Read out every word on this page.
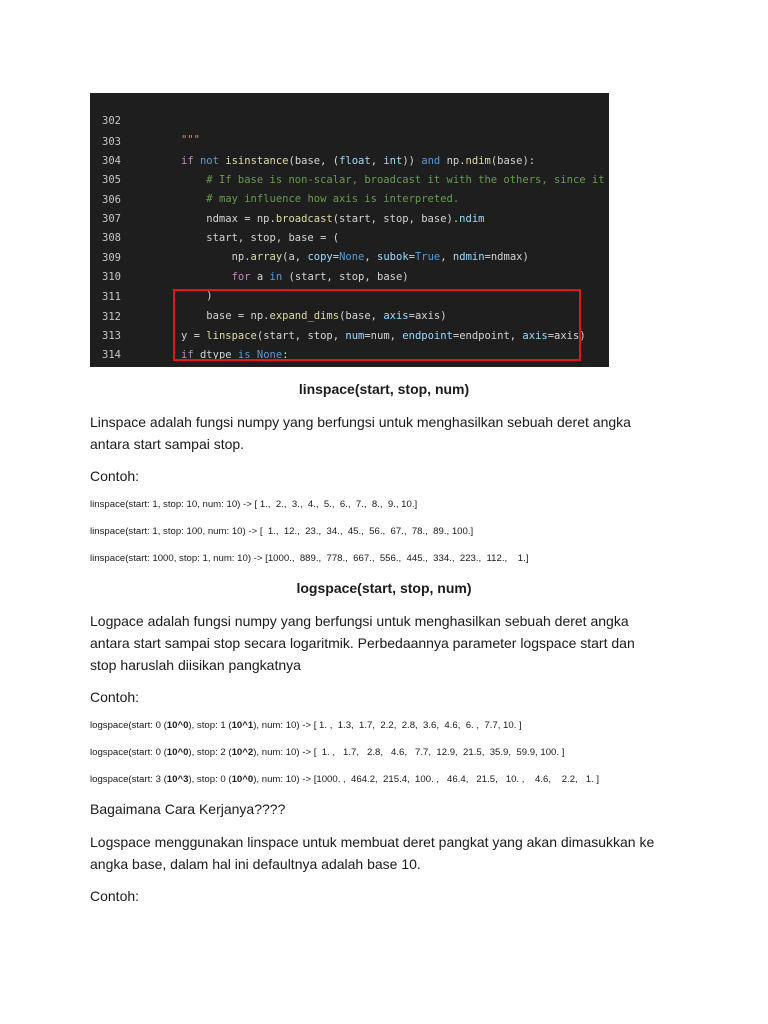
302

"""

303

if not isinstance(base, (float, int)) and np.ndim(base):

304

# If base is non-scalar, broadcast it with the others, since it

305

# may influence how axis is interpreted.

306

ndmax = np.broadcast(start, stop, base).ndim

307

start, stop, base = (

308

np.array(a, copy=None, subok=True, ndmin=ndmax)

309

for a in (start, stop, base)

310

)

311

base = np.expand_dims(base, axis=axis)

312

y = linspace(start, stop, num=num, endpoint=endpoint, axis=axis)

313

if dtype is None:

314

linspace(start, stop, num)
Linspace adalah fungsi numpy yang berfungsi untuk menghasilkan sebuah deret angka
antara start sampai stop.
Contoh:
linspace(start: 1, stop: 10, num: 10) -> [ 1.,  2.,  3.,  4.,  5.,  6.,  7.,  8.,  9., 10.]
linspace(start: 1, stop: 100, num: 10) -> [  1.,  12.,  23.,  34.,  45.,  56.,  67.,  78.,  89., 100.]
linspace(start: 1000, stop: 1, num: 10) -> [1000.,  889.,  778.,  667.,  556.,  445.,  334.,  223.,  112.,    1.]
logspace(start, stop, num)
Logpace adalah fungsi numpy yang berfungsi untuk menghasilkan sebuah deret angka
antara start sampai stop secara logaritmik. Perbedaannya parameter logspace start dan
stop haruslah diisikan pangkatnya
Contoh:
logspace(start: 0 (10^0), stop: 1 (10^1), num: 10) -> [ 1. ,  1.3,  1.7,  2.2,  2.8,  3.6,  4.6,  6. ,  7.7, 10. ]
logspace(start: 0 (10^0), stop: 2 (10^2), num: 10) -> [  1. ,   1.7,   2.8,   4.6,   7.7,  12.9,  21.5,  35.9,  59.9, 100. ]
logspace(start: 3 (10^3), stop: 0 (10^0), num: 10) -> [1000. ,  464.2,  215.4,  100. ,   46.4,   21.5,   10. ,    4.6,    2.2,   1. ]
Bagaimana Cara Kerjanya????
Logspace menggunakan linspace untuk membuat deret pangkat yang akan dimasukkan ke
angka base, dalam hal ini defaultnya adalah base 10.
Contoh:
